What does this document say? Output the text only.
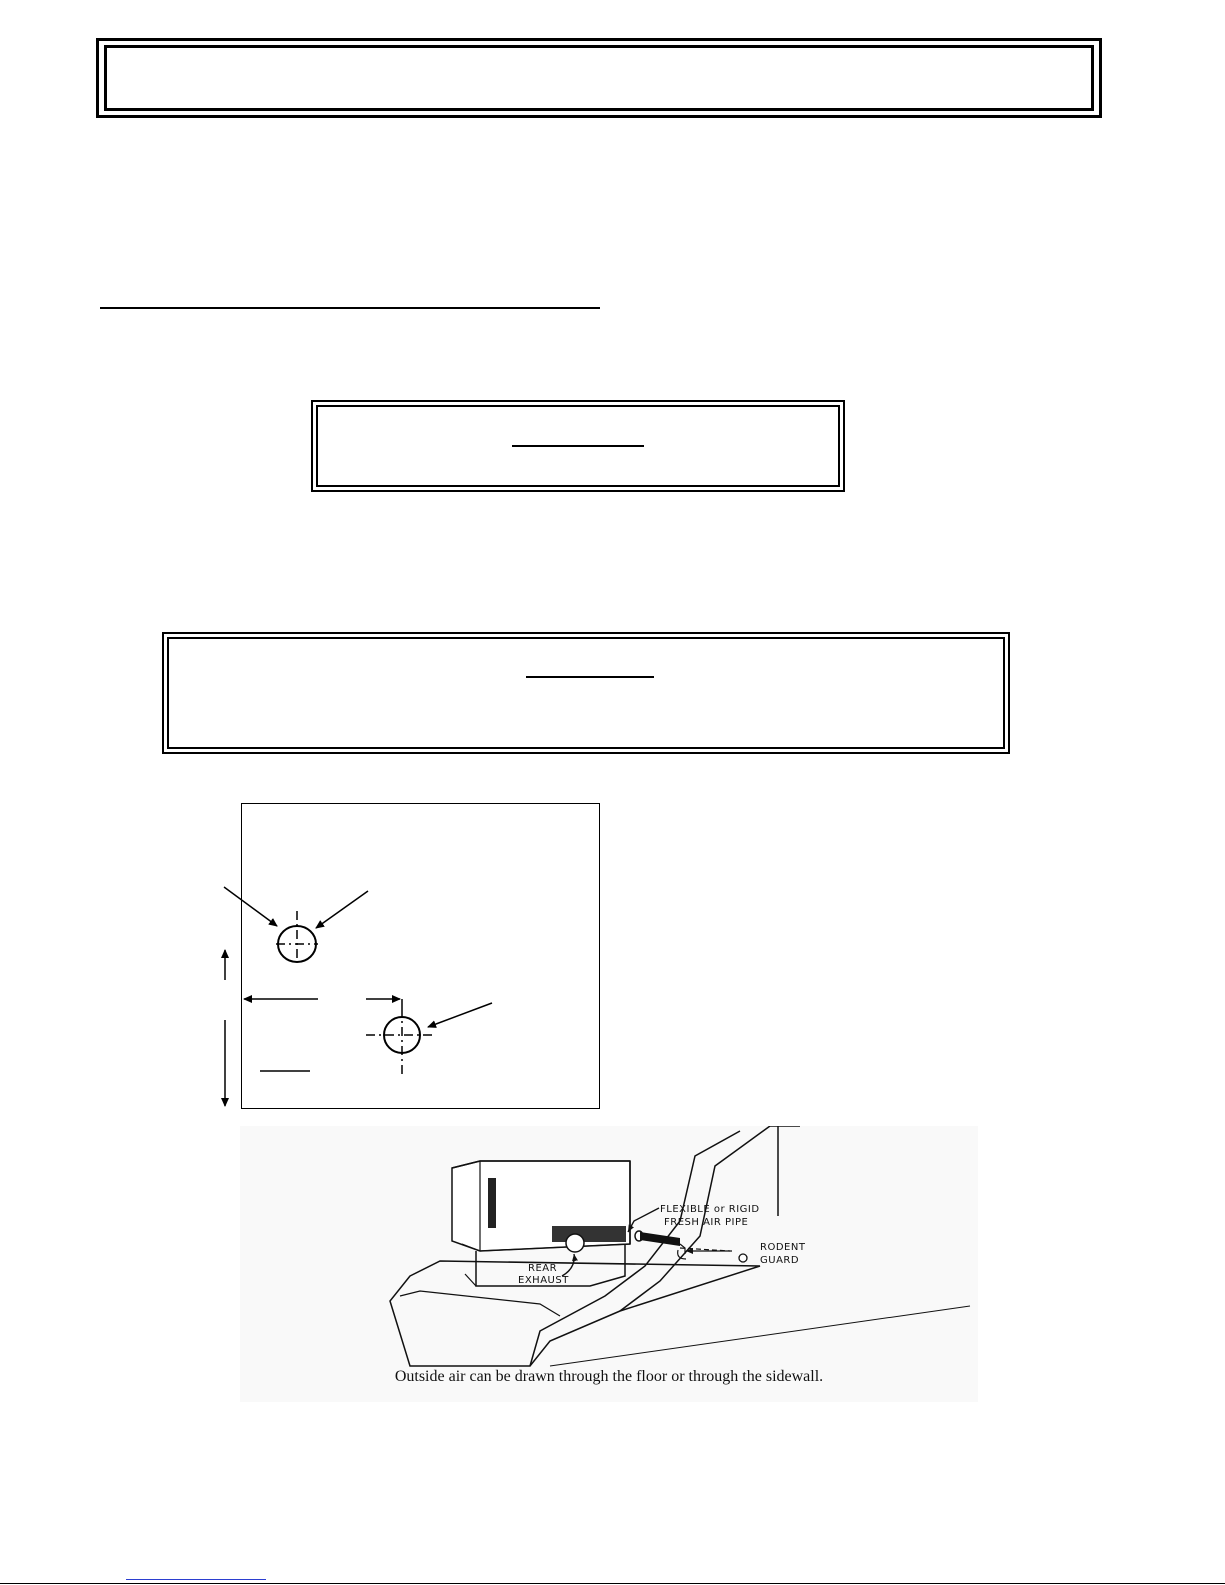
FLEXIBLE or RIGID
FRESH AIR PIPE
RODENT
GUARD
REAR
EXHAUST
Outside air can be drawn through the floor or through the sidewall.
